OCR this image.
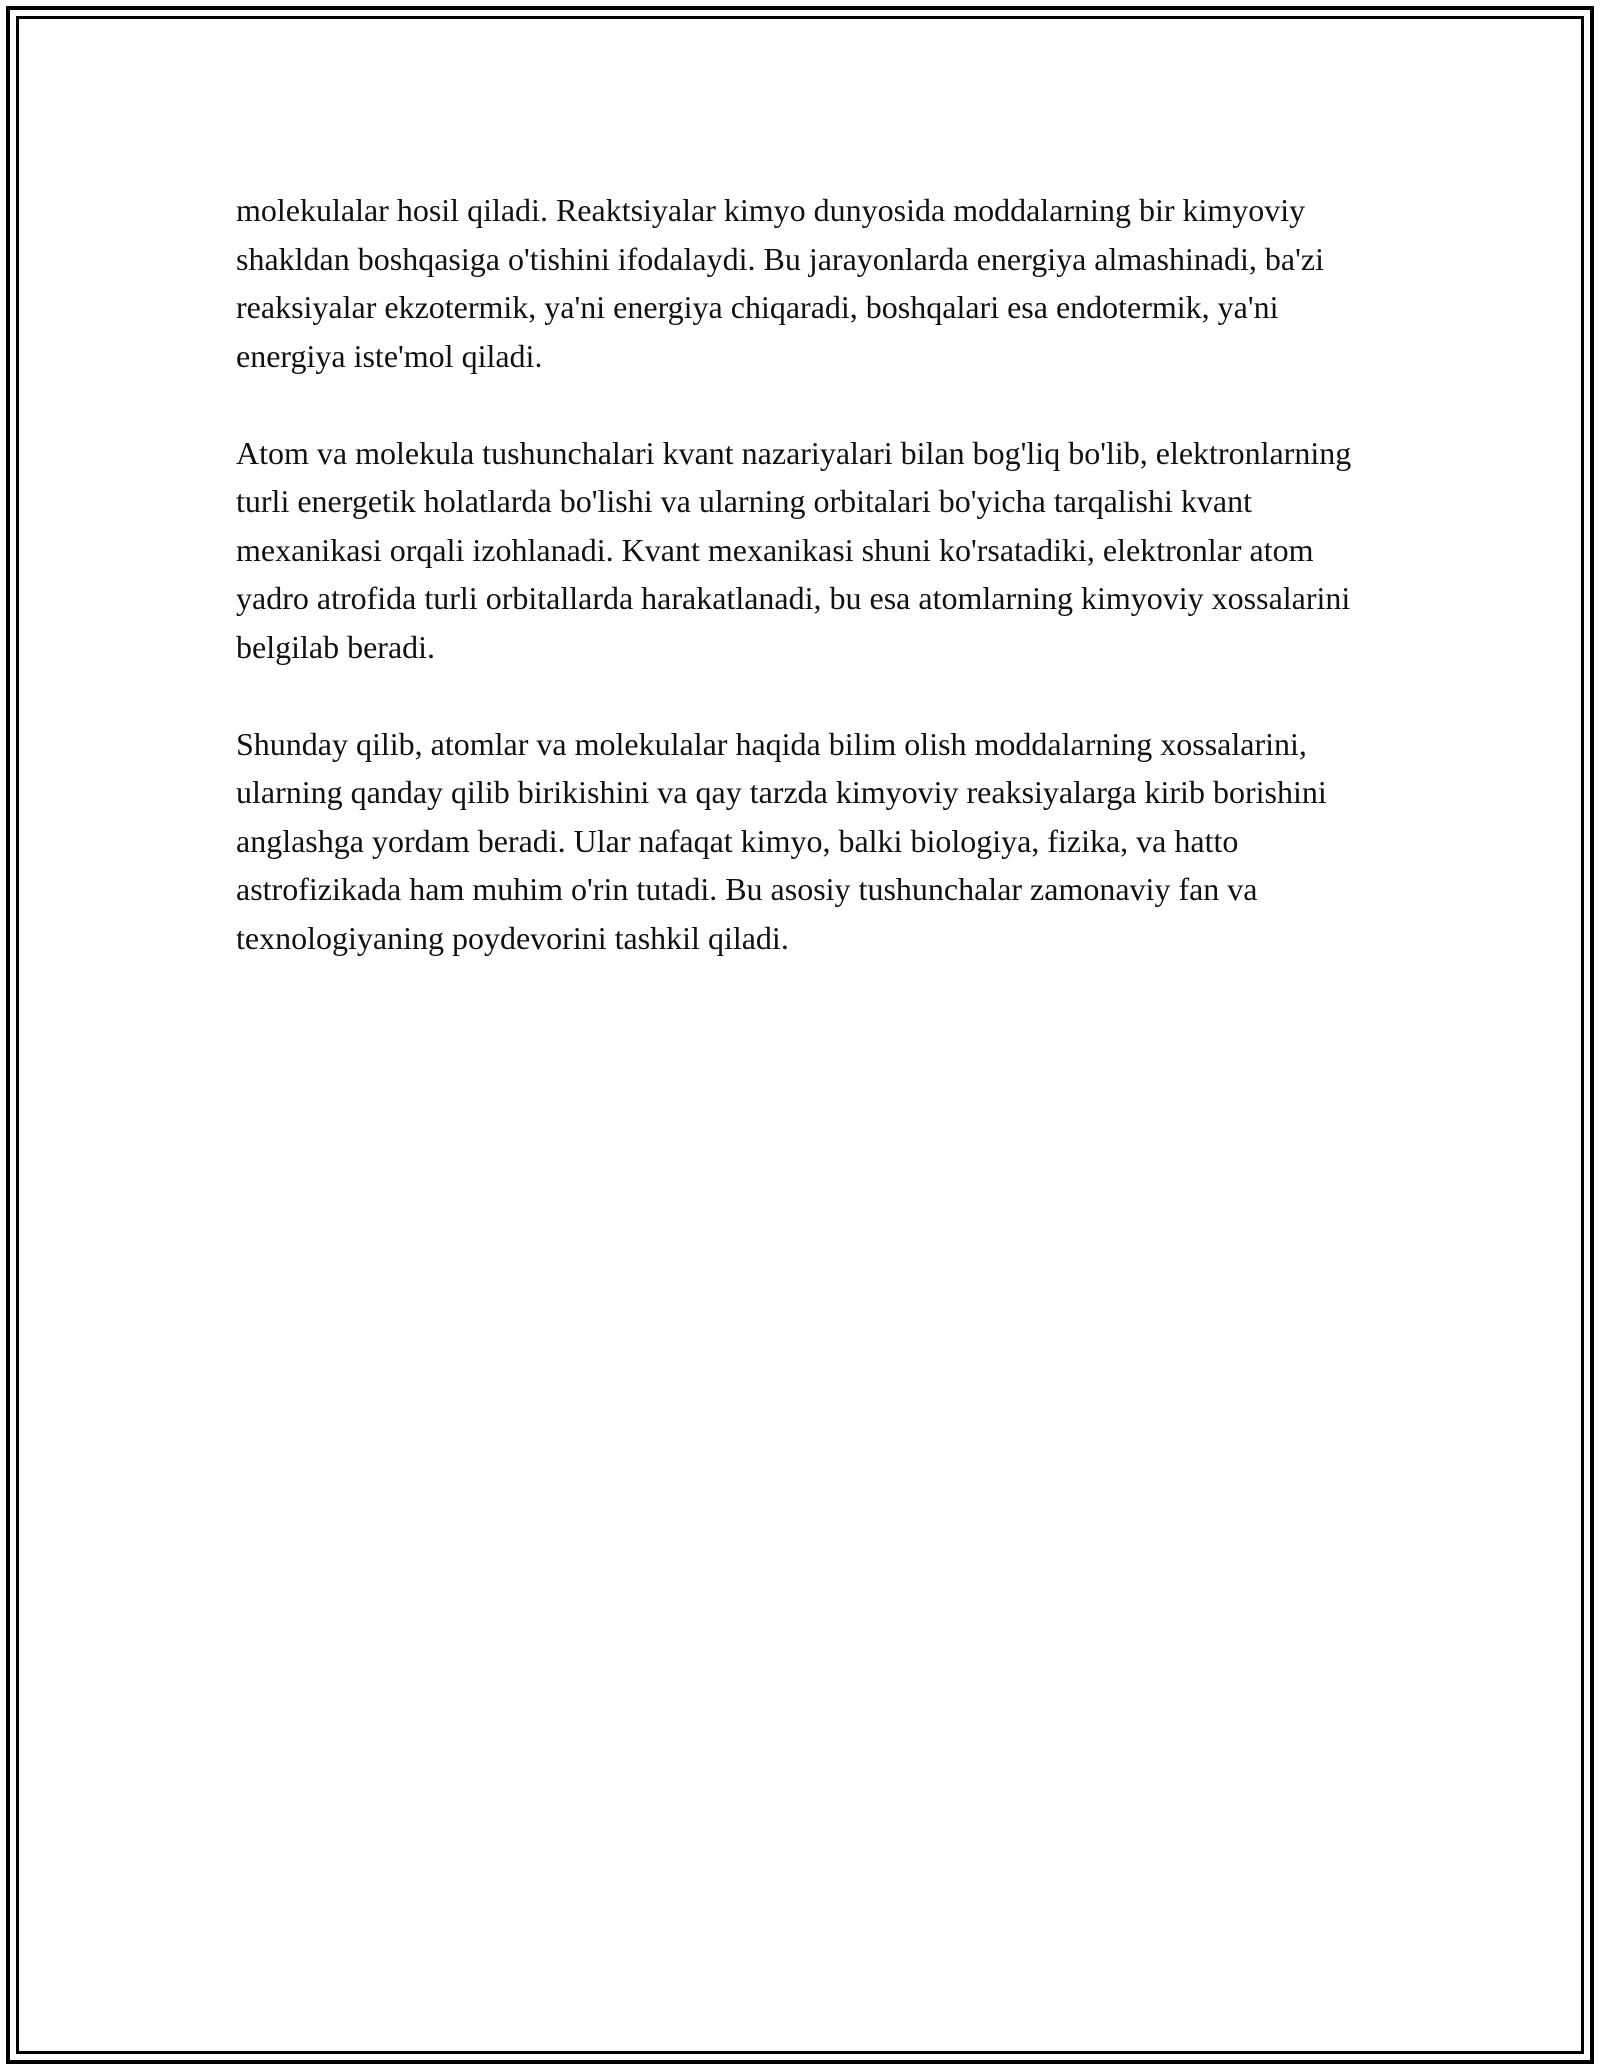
molekulalar hosil qiladi. Reaktsiyalar kimyo dunyosida moddalarning bir kimyoviy shakldan boshqasiga o'tishini ifodalaydi. Bu jarayonlarda energiya almashinadi, ba'zi reaksiyalar ekzotermik, ya'ni energiya chiqaradi, boshqalari esa endotermik, ya'ni energiya iste'mol qiladi.

Atom va molekula tushunchalari kvant nazariyalari bilan bog'liq bo'lib, elektronlarning turli energetik holatlarda bo'lishi va ularning orbitalari bo'yicha tarqalishi kvant mexanikasi orqali izohlanadi. Kvant mexanikasi shuni ko'rsatadiki, elektronlar atom yadro atrofida turli orbitallarda harakatlanadi, bu esa atomlarning kimyoviy xossalarini belgilab beradi.

Shunday qilib, atomlar va molekulalar haqida bilim olish moddalarning xossalarini, ularning qanday qilib birikishini va qay tarzda kimyoviy reaksiyalarga kirib borishini anglashga yordam beradi. Ular nafaqat kimyo, balki biologiya, fizika, va hatto astrofizikada ham muhim o'rin tutadi. Bu asosiy tushunchalar zamonaviy fan va texnologiyaning poydevorini tashkil qiladi.
